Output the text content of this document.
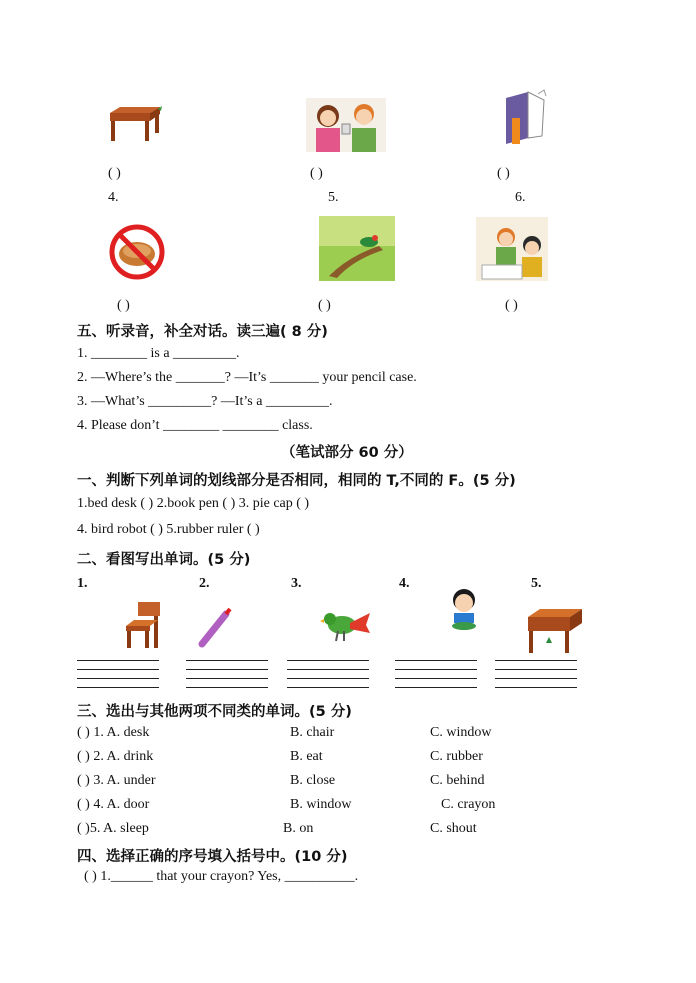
( )	( )	( )
4.	5.	6.
( )	( )	( )
五、听录音，补全对话。读三遍( 8 分)
1. ________ is a _________.
2. —Where’s the _______? —It’s _______ your pencil case.
3. —What’s _________? —It’s a _________.
4. Please don’t ________ ________ class.
（笔试部分 60 分）
一、判断下列单词的划线部分是否相同，相同的 T,不同的 F。(5 分)
1.bed desk ( ) 2.book pen ( ) 3. pie cap ( )
4. bird robot ( ) 5.rubber ruler ( )
二、看图写出单词。(5 分)
1.	2.	3.	4.	5.
三、选出与其他两项不同类的单词。(5 分)
( ) 1. A. desk	B. chair	C. window
( ) 2. A. drink	B. eat	C. rubber
( ) 3. A. under	B. close	C. behind
( ) 4. A. door	B. window	C. crayon
( )5. A. sleep	B. on	C. shout
四、选择正确的序号填入括号中。(10 分)
( ) 1.______ that your crayon? Yes, __________.
